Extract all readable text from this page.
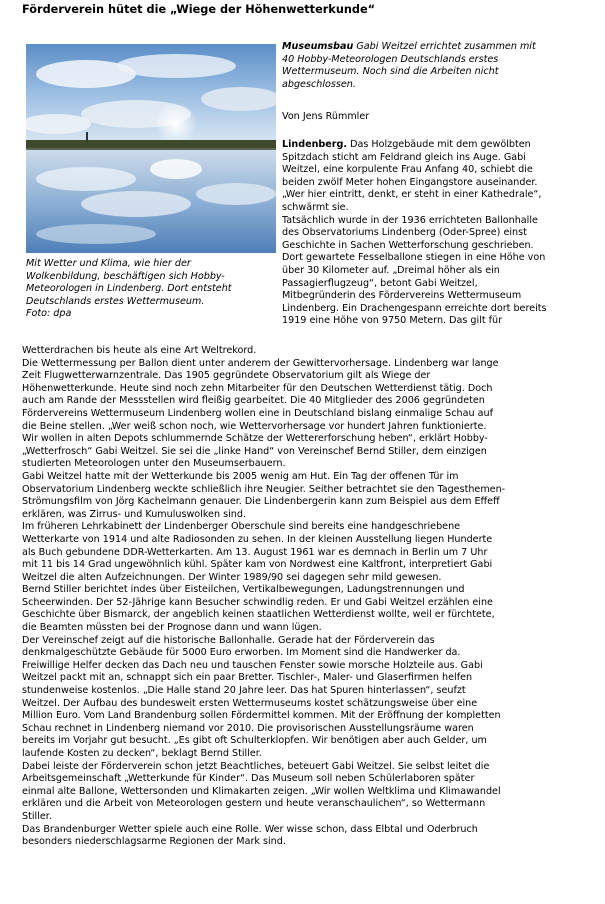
Förderverein hütet die „Wiege der Höhenwetterkunde“
Mit Wetter und Klima, wie hier der
Wolkenbildung, beschäftigen sich Hobby-
Meteorologen in Lindenberg. Dort entsteht
Deutschlands erstes Wettermuseum.
Foto: dpa
Museumsbau Gabi Weitzel errichtet zusammen mit
40 Hobby-Meteorologen Deutschlands erstes
Wettermuseum. Noch sind die Arbeiten nicht
abgeschlossen.
Von Jens Rümmler
Lindenberg. Das Holzgebäude mit dem gewölbten
Spitzdach sticht am Feldrand gleich ins Auge. Gabi
Weitzel, eine korpulente Frau Anfang 40, schiebt die
beiden zwölf Meter hohen Eingangstore auseinander.
„Wer hier eintritt, denkt, er steht in einer Kathedrale“,
schwärmt sie.
Tatsächlich wurde in der 1936 errichteten Ballonhalle
des Observatoriums Lindenberg (Oder-Spree) einst
Geschichte in Sachen Wetterforschung geschrieben.
Dort gewartete Fesselballone stiegen in eine Höhe von
über 30 Kilometer auf. „Dreimal höher als ein
Passagierflugzeug“, betont Gabi Weitzel,
Mitbegründerin des Fördervereins Wettermuseum
Lindenberg. Ein Drachengespann erreichte dort bereits
1919 eine Höhe von 9750 Metern. Das gilt für
Wetterdrachen bis heute als eine Art Weltrekord.
Die Wettermessung per Ballon dient unter anderem der Gewittervorhersage. Lindenberg war lange
Zeit Flugwetterwarnzentrale. Das 1905 gegründete Observatorium gilt als Wiege der
Höhenwetterkunde. Heute sind noch zehn Mitarbeiter für den Deutschen Wetterdienst tätig. Doch
auch am Rande der Messstellen wird fleißig gearbeitet. Die 40 Mitglieder des 2006 gegründeten
Fördervereins Wettermuseum Lindenberg wollen eine in Deutschland bislang einmalige Schau auf
die Beine stellen. „Wer weiß schon noch, wie Wettervorhersage vor hundert Jahren funktionierte.
Wir wollen in alten Depots schlummernde Schätze der Wettererforschung heben“, erklärt Hobby-
„Wetterfrosch“ Gabi Weitzel. Sie sei die „linke Hand“ von Vereinschef Bernd Stiller, dem einzigen
studierten Meteorologen unter den Museumserbauern.
Gabi Weitzel hatte mit der Wetterkunde bis 2005 wenig am Hut. Ein Tag der offenen Tür im
Observatorium Lindenberg weckte schließlich ihre Neugier. Seither betrachtet sie den Tagesthemen-
Strömungsfilm von Jörg Kachelmann genauer. Die Lindenbergerin kann zum Beispiel aus dem Effeff
erklären, was Zirrus- und Kumuluswolken sind.
Im früheren Lehrkabinett der Lindenberger Oberschule sind bereits eine handgeschriebene
Wetterkarte von 1914 und alte Radiosonden zu sehen. In der kleinen Ausstellung liegen Hunderte
als Buch gebundene DDR-Wetterkarten. Am 13. August 1961 war es demnach in Berlin um 7 Uhr
mit 11 bis 14 Grad ungewöhnlich kühl. Später kam von Nordwest eine Kaltfront, interpretiert Gabi
Weitzel die alten Aufzeichnungen. Der Winter 1989/90 sei dagegen sehr mild gewesen.
Bernd Stiller berichtet indes über Eisteilchen, Vertikalbewegungen, Ladungstrennungen und
Scheerwinden. Der 52-Jährige kann Besucher schwindlig reden. Er und Gabi Weitzel erzählen eine
Geschichte über Bismarck, der angeblich keinen staatlichen Wetterdienst wollte, weil er fürchtete,
die Beamten müssten bei der Prognose dann und wann lügen.
Der Vereinschef zeigt auf die historische Ballonhalle. Gerade hat der Förderverein das
denkmalgeschützte Gebäude für 5000 Euro erworben. Im Moment sind die Handwerker da.
Freiwillige Helfer decken das Dach neu und tauschen Fenster sowie morsche Holzteile aus. Gabi
Weitzel packt mit an, schnappt sich ein paar Bretter. Tischler-, Maler- und Glaserfirmen helfen
stundenweise kostenlos. „Die Halle stand 20 Jahre leer. Das hat Spuren hinterlassen“, seufzt
Weitzel. Der Aufbau des bundesweit ersten Wettermuseums kostet schätzungsweise über eine
Million Euro. Vom Land Brandenburg sollen Fördermittel kommen. Mit der Eröffnung der kompletten
Schau rechnet in Lindenberg niemand vor 2010. Die provisorischen Ausstellungsräume waren
bereits im Vorjahr gut besucht. „Es gibt oft Schulterklopfen. Wir benötigen aber auch Gelder, um
laufende Kosten zu decken“, beklagt Bernd Stiller.
Dabei leiste der Förderverein schon jetzt Beachtliches, beteuert Gabi Weitzel. Sie selbst leitet die
Arbeitsgemeinschaft „Wetterkunde für Kinder“. Das Museum soll neben Schülerlaboren später
einmal alte Ballone, Wettersonden und Klimakarten zeigen. „Wir wollen Weltklima und Klimawandel
erklären und die Arbeit von Meteorologen gestern und heute veranschaulichen“, so Wettermann
Stiller.
Das Brandenburger Wetter spiele auch eine Rolle. Wer wisse schon, dass Elbtal und Oderbruch
besonders niederschlagsarme Regionen der Mark sind.
